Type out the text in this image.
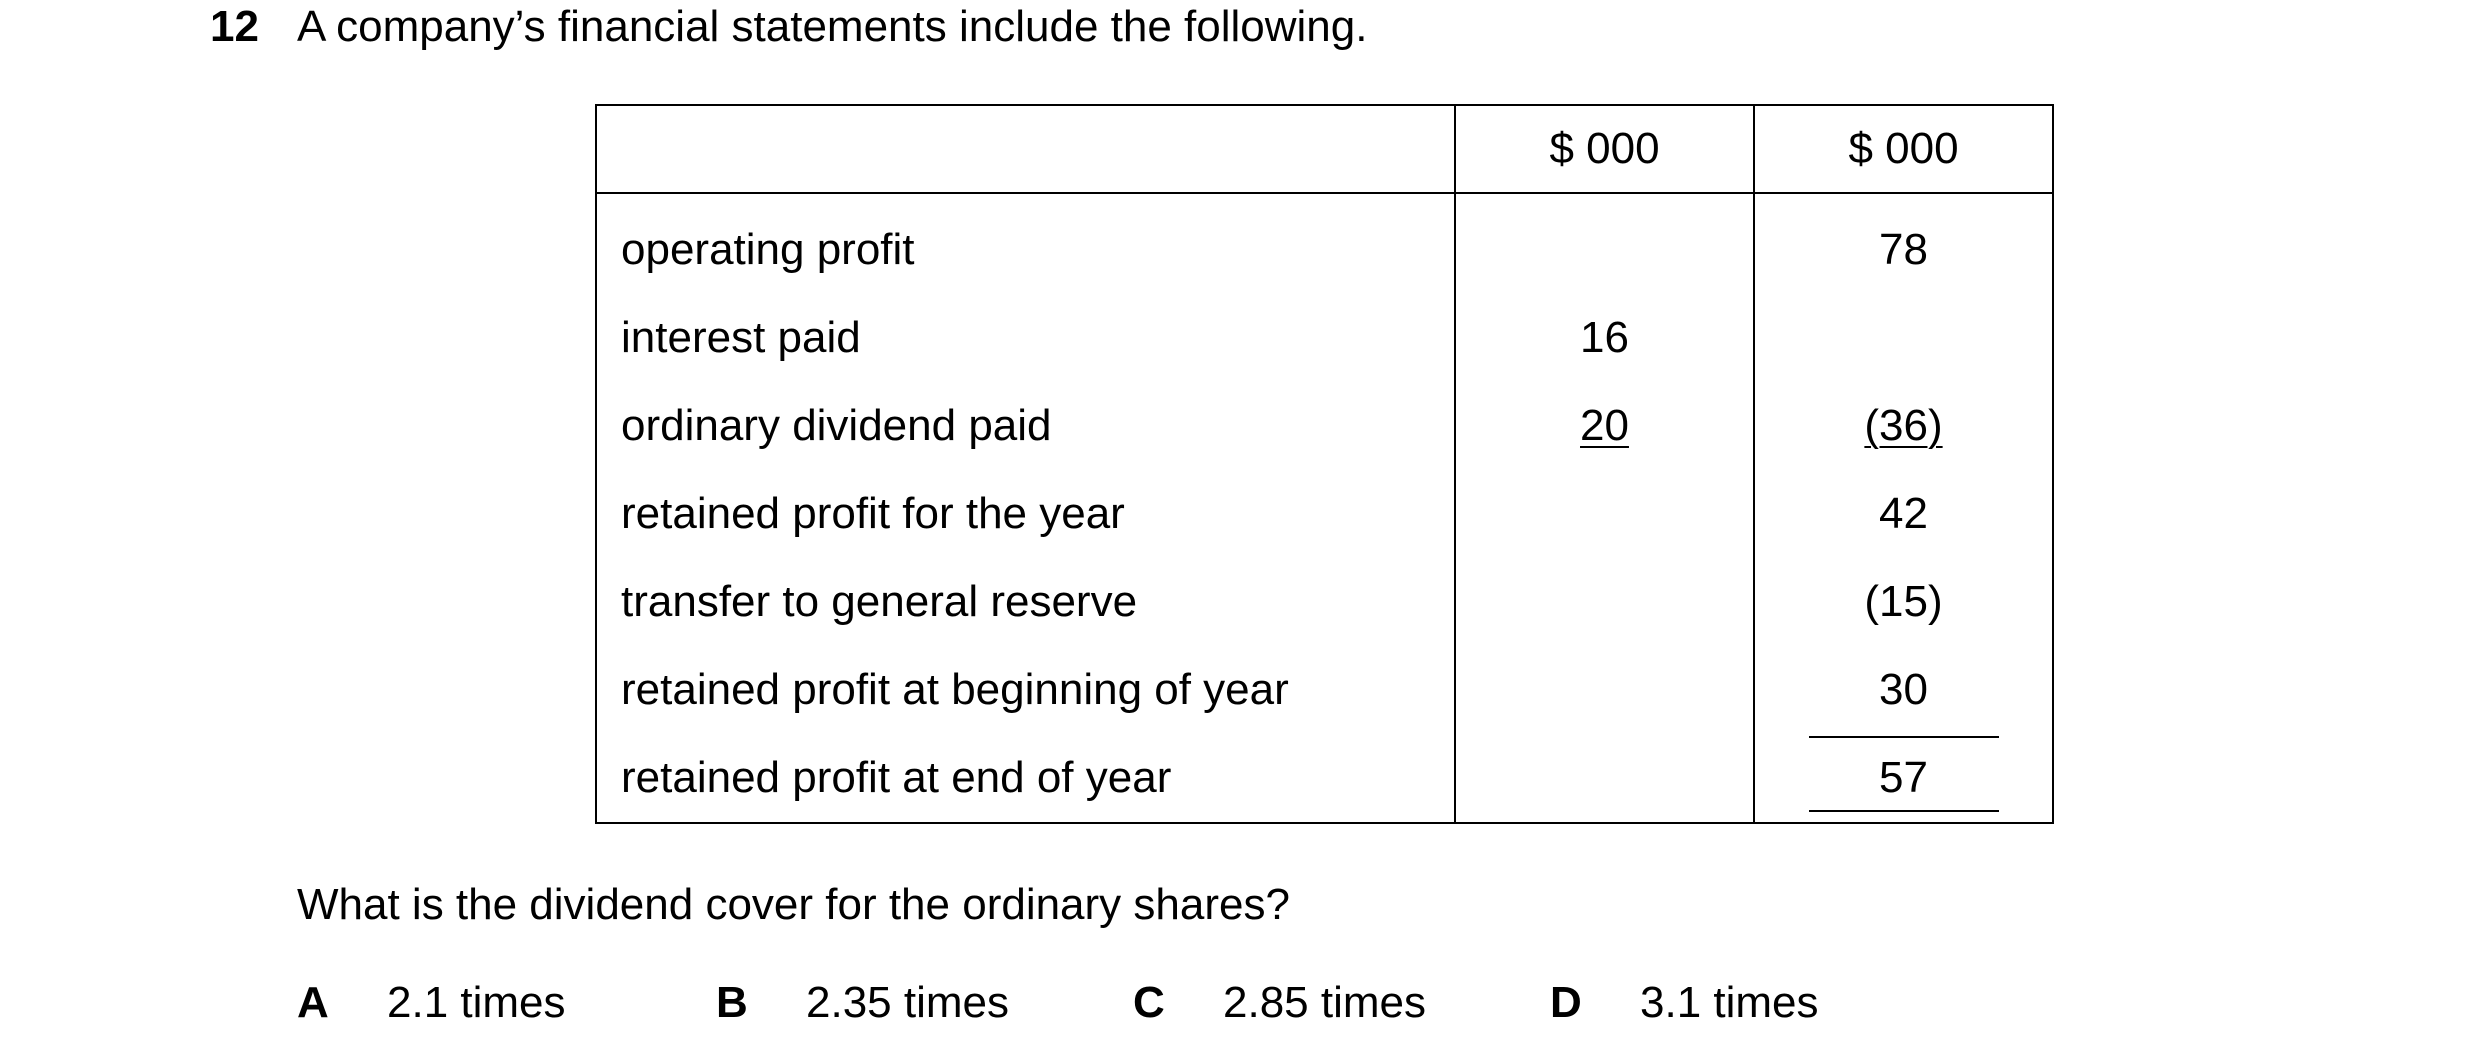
12 A company’s financial statements include the following.
	$ 000	$ 000
operating profit		78
interest paid	16	
ordinary dividend paid	20	(36)
retained profit for the year		42
transfer to general reserve		(15)
retained profit at beginning of year		30
retained profit at end of year		57
What is the dividend cover for the ordinary shares?
A 2.1 times	B 2.35 times	C 2.85 times	D 3.1 times
